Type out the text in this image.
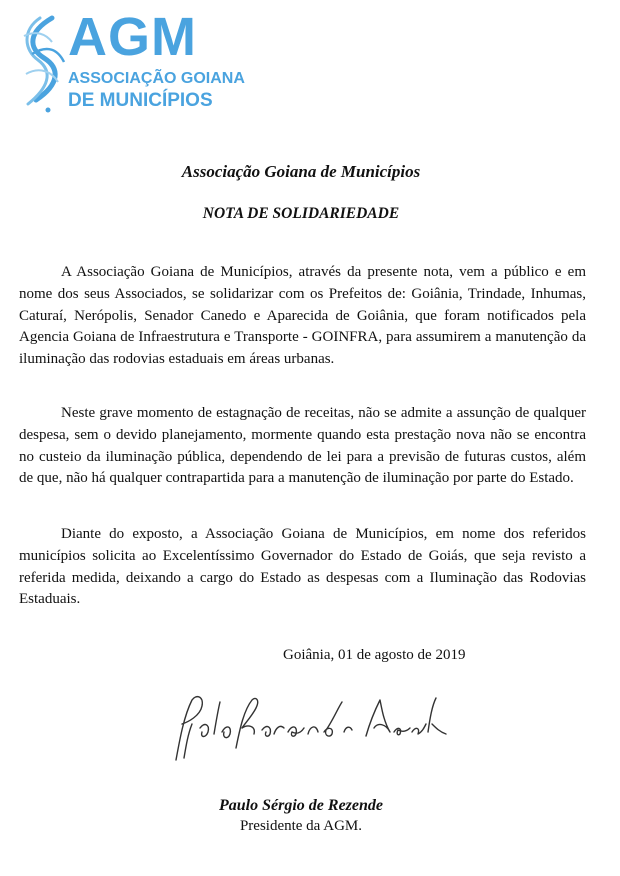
AGM
ASSOCIAÇÃO GOIANA
DE MUNICÍPIOS
Associação Goiana de Municípios
NOTA DE SOLIDARIEDADE

A Associação Goiana de Municípios, através da presente nota, vem a público e em nome dos seus Associados, se solidarizar com os Prefeitos de: Goiânia, Trindade, Inhumas, Caturaí, Nerópolis, Senador Canedo e Aparecida de Goiânia, que foram notificados pela Agencia Goiana de Infraestrutura e Transporte - GOINFRA, para assumirem a manutenção da iluminação das rodovias estaduais em áreas urbanas.

Neste grave momento de estagnação de receitas, não se admite a assunção de qualquer despesa, sem o devido planejamento, mormente quando esta prestação nova não se encontra no custeio da iluminação pública, dependendo de lei para a previsão de futuras custos, além de que, não há qualquer contrapartida para a manutenção de iluminação por parte do Estado.

Diante do exposto, a Associação Goiana de Municípios, em nome dos referidos municípios solicita ao Excelentíssimo Governador do Estado de Goiás, que seja revisto a referida medida, deixando a cargo do Estado as despesas com a Iluminação das Rodovias Estaduais.

Goiânia, 01 de agosto de 2019
Paulo Sérgio de Rezende
Presidente da AGM.
